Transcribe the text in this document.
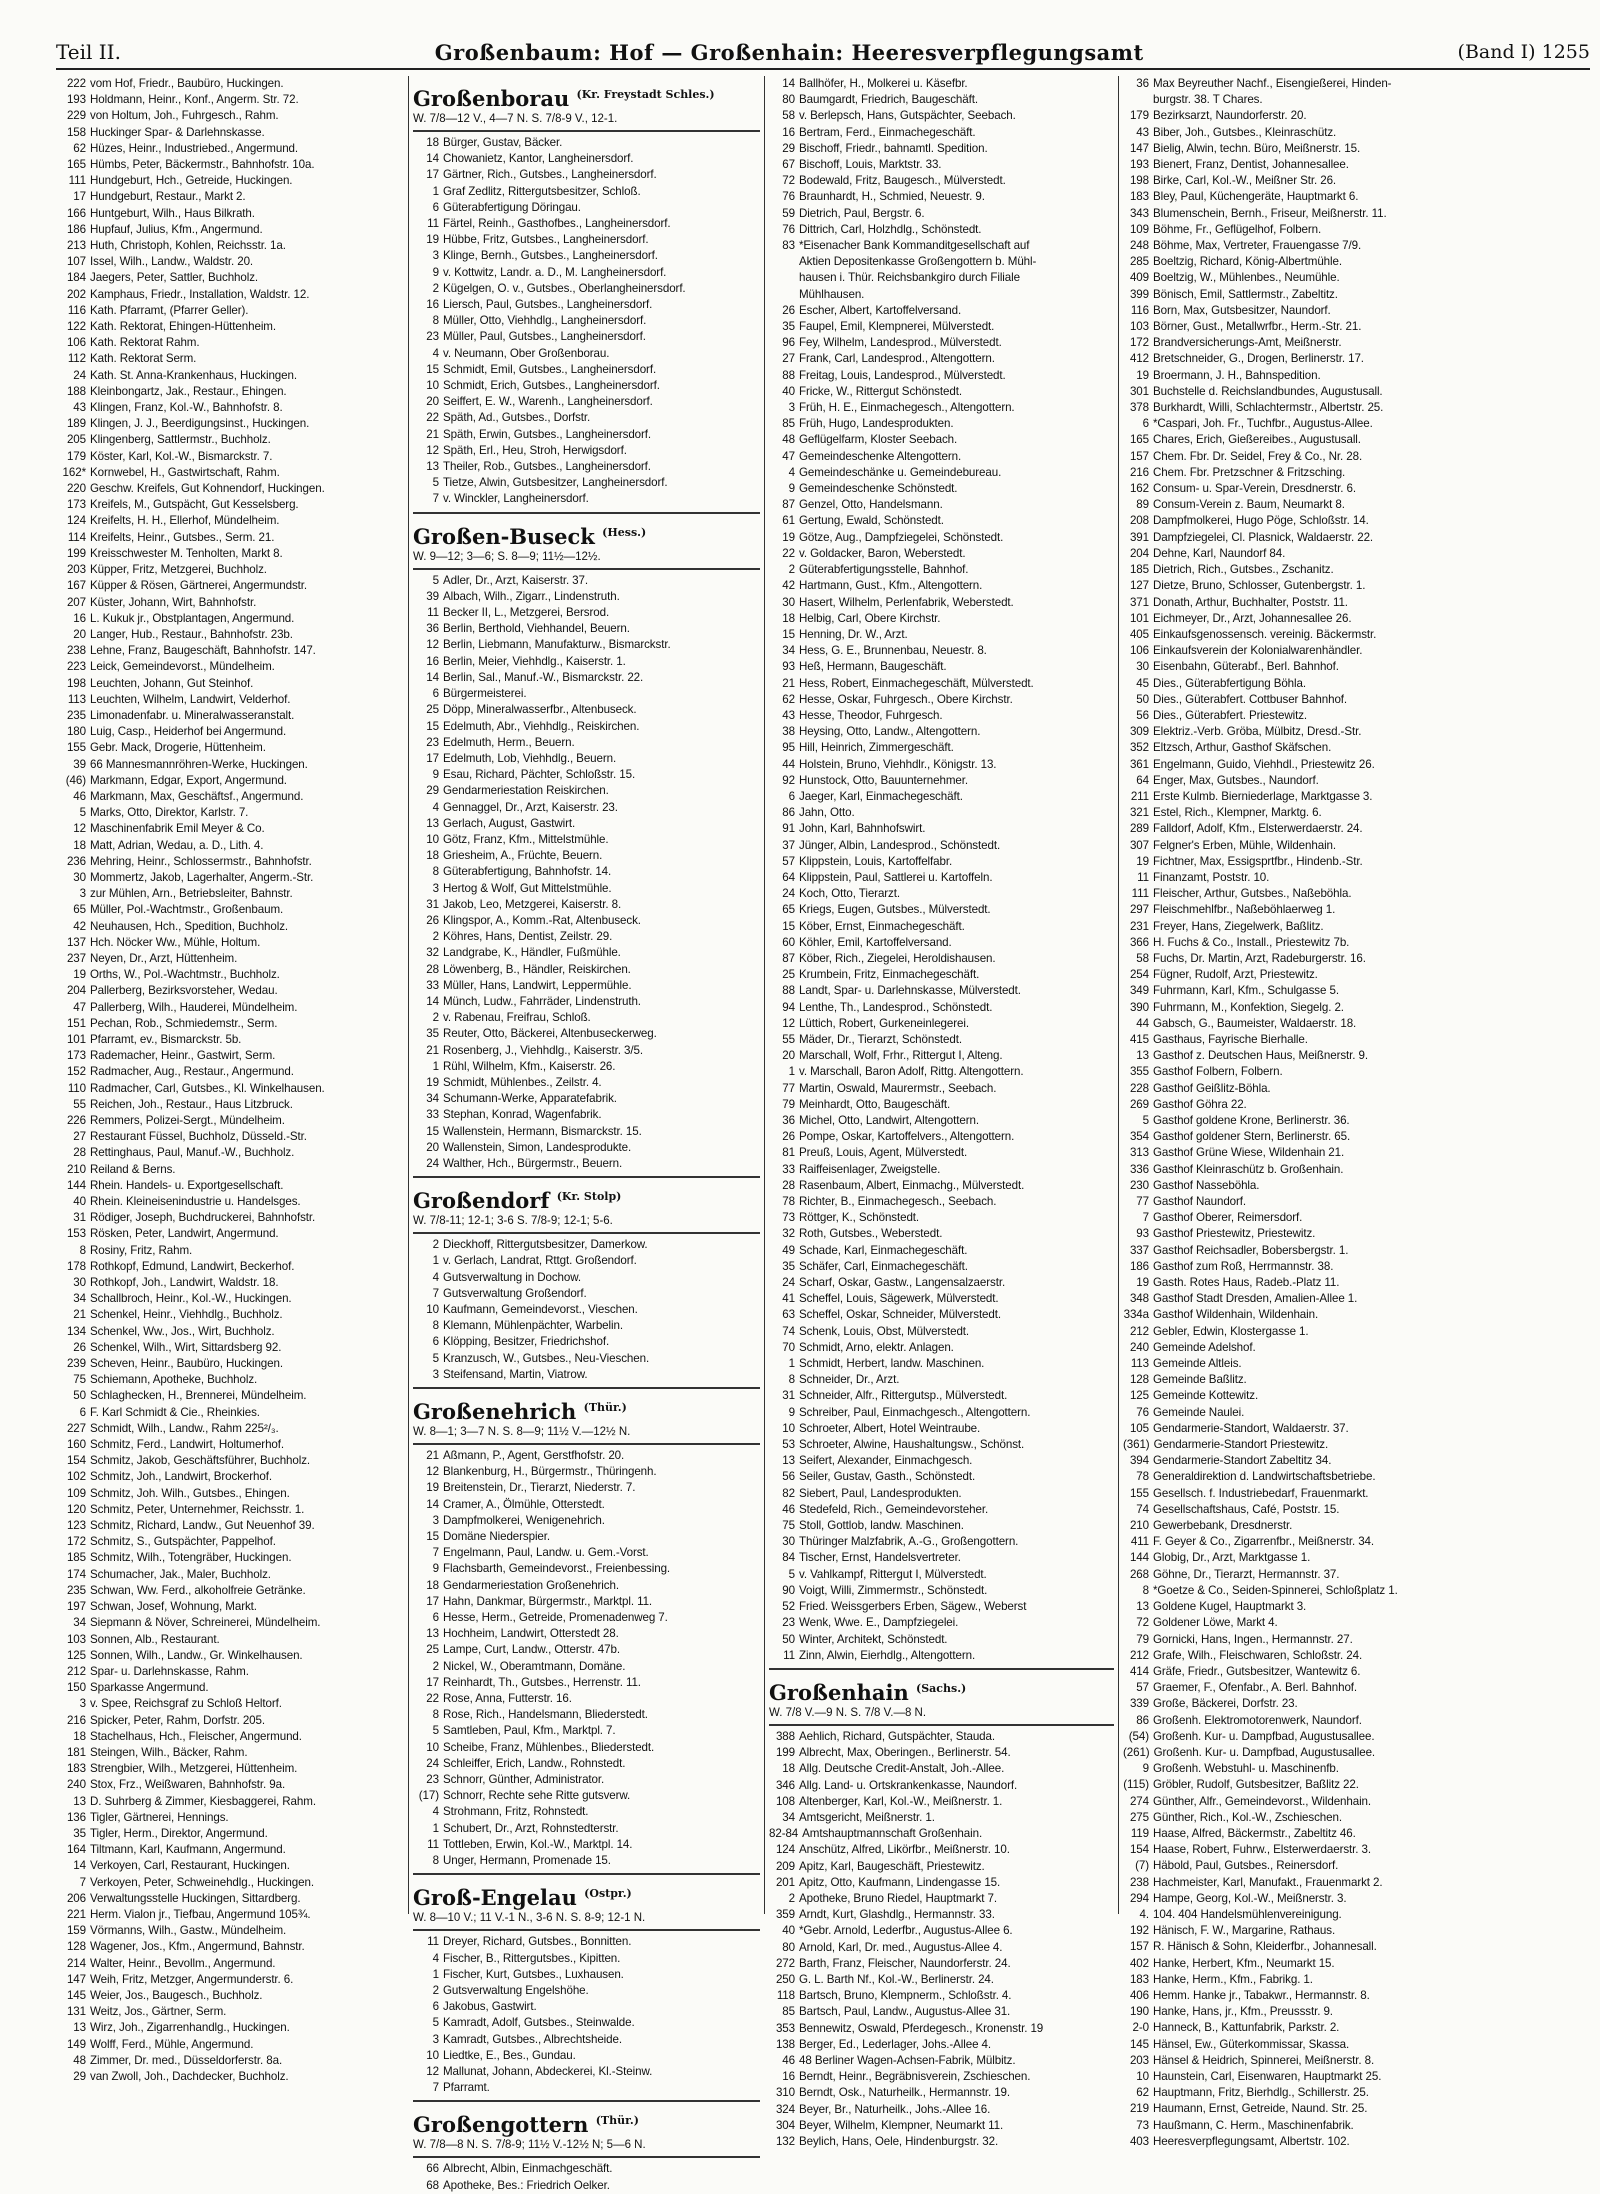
Teil II.	Großenbaum: Hof — Großenhain: Heeresverpflegungsamt	(Band I) 1255
222 vom Hof, Friedr., Baubüro, Huckingen.
193 Holdmann, Heinr., Konf., Angerm. Str. 72.
229 von Holtum, Joh., Fuhrgesch., Rahm.
158 Huckinger Spar- & Darlehnskasse.
62 Hüzes, Heinr., Industriebed., Angermund.
165 Hümbs, Peter, Bäckermstr., Bahnhofstr. 10a.
111 Hundgeburt, Hch., Getreide, Huckingen.
17 Hundgeburt, Restaur., Markt 2.
166 Huntgeburt, Wilh., Haus Bilkrath.
186 Hupfauf, Julius, Kfm., Angermund.
213 Huth, Christoph, Kohlen, Reichsstr. 1a.
107 Issel, Wilh., Landw., Waldstr. 20.
184 Jaegers, Peter, Sattler, Buchholz.
202 Kamphaus, Friedr., Installation, Waldstr. 12.
116 Kath. Pfarramt, (Pfarrer Geller).
122 Kath. Rektorat, Ehingen-Hüttenheim.
106 Kath. Rektorat Rahm.
112 Kath. Rektorat Serm.
24 Kath. St. Anna-Krankenhaus, Huckingen.
188 Kleinbongartz, Jak., Restaur., Ehingen.
43 Klingen, Franz, Kol.-W., Bahnhofstr. 8.
189 Klingen, J. J., Beerdigungsinst., Huckingen.
205 Klingenberg, Sattlermstr., Buchholz.
179 Köster, Karl, Kol.-W., Bismarckstr. 7.
162* Kornwebel, H., Gastwirtschaft, Rahm.
220 Geschw. Kreifels, Gut Kohnendorf, Huckingen.
173 Kreifels, M., Gutspächt, Gut Kesselsberg.
124 Kreifelts, H. H., Ellerhof, Mündelheim.
114 Kreifelts, Heinr., Gutsbes., Serm. 21.
199 Kreisschwester M. Tenholten, Markt 8.
203 Küpper, Fritz, Metzgerei, Buchholz.
167 Küpper & Rösen, Gärtnerei, Angermundstr.
207 Küster, Johann, Wirt, Bahnhofstr.
16 L. Kukuk jr., Obstplantagen, Angermund.
20 Langer, Hub., Restaur., Bahnhofstr. 23b.
238 Lehne, Franz, Baugeschäft, Bahnhofstr. 147.
223 Leick, Gemeindevorst., Mündelheim.
198 Leuchten, Johann, Gut Steinhof.
113 Leuchten, Wilhelm, Landwirt, Velderhof.
235 Limonadenfabr. u. Mineralwasseranstalt.
180 Luig, Casp., Heiderhof bei Angermund.
155 Gebr. Mack, Drogerie, Hüttenheim.
39 66 Mannesmannröhren-Werke, Huckingen.
(46) Markmann, Edgar, Export, Angermund.
46 Markmann, Max, Geschäftsf., Angermund.
5 Marks, Otto, Direktor, Karlstr. 7.
12 Maschinenfabrik Emil Meyer & Co.
18 Matt, Adrian, Wedau, a. D., Lith. 4.
236 Mehring, Heinr., Schlossermstr., Bahnhofstr.
30 Mommertz, Jakob, Lagerhalter, Angerm.-Str.
3 zur Mühlen, Arn., Betriebsleiter, Bahnstr.
65 Müller, Pol.-Wachtmstr., Großenbaum.
42 Neuhausen, Hch., Spedition, Buchholz.
137 Hch. Nöcker Ww., Mühle, Holtum.
237 Neyen, Dr., Arzt, Hüttenheim.
19 Orths, W., Pol.-Wachtmstr., Buchholz.
204 Pallerberg, Bezirksvorsteher, Wedau.
47 Pallerberg, Wilh., Hauderei, Mündelheim.
151 Pechan, Rob., Schmiedemstr., Serm.
101 Pfarramt, ev., Bismarckstr. 5b.
173 Rademacher, Heinr., Gastwirt, Serm.
152 Radmacher, Aug., Restaur., Angermund.
110 Radmacher, Carl, Gutsbes., Kl. Winkelhausen.
55 Reichen, Joh., Restaur., Haus Litzbruck.
226 Remmers, Polizei-Sergt., Mündelheim.
27 Restaurant Füssel, Buchholz, Düsseld.-Str.
28 Rettinghaus, Paul, Manuf.-W., Buchholz.
210 Reiland & Berns.
144 Rhein. Handels- u. Exportgesellschaft.
40 Rhein. Kleineisenindustrie u. Handelsges.
31 Rödiger, Joseph, Buchdruckerei, Bahnhofstr.
153 Rösken, Peter, Landwirt, Angermund.
8 Rosiny, Fritz, Rahm.
178 Rothkopf, Edmund, Landwirt, Beckerhof.
30 Rothkopf, Joh., Landwirt, Waldstr. 18.
34 Schallbroch, Heinr., Kol.-W., Huckingen.
21 Schenkel, Heinr., Viehhdlg., Buchholz.
134 Schenkel, Ww., Jos., Wirt, Buchholz.
26 Schenkel, Wilh., Wirt, Sittardsberg 92.
239 Scheven, Heinr., Baubüro, Huckingen.
75 Schiemann, Apotheke, Buchholz.
50 Schlaghecken, H., Brennerei, Mündelheim.
6 F. Karl Schmidt & Cie., Rheinkies.
227 Schmidt, Wilh., Landw., Rahm 225²/₃.
160 Schmitz, Ferd., Landwirt, Holtumerhof.
154 Schmitz, Jakob, Geschäftsführer, Buchholz.
102 Schmitz, Joh., Landwirt, Brockerhof.
109 Schmitz, Joh. Wilh., Gutsbes., Ehingen.
120 Schmitz, Peter, Unternehmer, Reichsstr. 1.
123 Schmitz, Richard, Landw., Gut Neuenhof 39.
172 Schmitz, S., Gutspächter, Pappelhof.
185 Schmitz, Wilh., Totengräber, Huckingen.
174 Schumacher, Jak., Maler, Buchholz.
235 Schwan, Ww. Ferd., alkoholfreie Getränke.
197 Schwan, Josef, Wohnung, Markt.
34 Siepmann & Növer, Schreinerei, Mündelheim.
103 Sonnen, Alb., Restaurant.
125 Sonnen, Wilh., Landw., Gr. Winkelhausen.
212 Spar- u. Darlehnskasse, Rahm.
150 Sparkasse Angermund.
3 v. Spee, Reichsgraf zu Schloß Heltorf.
216 Spicker, Peter, Rahm, Dorfstr. 205.
18 Stachelhaus, Hch., Fleischer, Angermund.
181 Steingen, Wilh., Bäcker, Rahm.
183 Strengbier, Wilh., Metzgerei, Hüttenheim.
240 Stox, Frz., Weißwaren, Bahnhofstr. 9a.
13 D. Suhrberg & Zimmer, Kiesbaggerei, Rahm.
136 Tigler, Gärtnerei, Hennings.
35 Tigler, Herm., Direktor, Angermund.
164 Tiltmann, Karl, Kaufmann, Angermund.
14 Verkoyen, Carl, Restaurant, Huckingen.
7 Verkoyen, Peter, Schweinehdlg., Huckingen.
206 Verwaltungsstelle Huckingen, Sittardberg.
221 Herm. Vialon jr., Tiefbau, Angermund 105¾.
159 Vörmanns, Wilh., Gastw., Mündelheim.
128 Wagener, Jos., Kfm., Angermund, Bahnstr.
214 Walter, Heinr., Bevollm., Angermund.
147 Weih, Fritz, Metzger, Angermunderstr. 6.
145 Weier, Jos., Baugesch., Buchholz.
131 Weitz, Jos., Gärtner, Serm.
13 Wirz, Joh., Zigarrenhandlg., Huckingen.
149 Wolff, Ferd., Mühle, Angermund.
48 Zimmer, Dr. med., Düsseldorferstr. 8a.
29 van Zwoll, Joh., Dachdecker, Buchholz.
Großenborau $^{(Kr. Freystadt Schles.)}$
W. 7/8—12 V., 4—7 N. S. 7/8-9 V., 12-1.
18 Bürger, Gustav, Bäcker.
14 Chowanietz, Kantor, Langheinersdorf.
17 Gärtner, Rich., Gutsbes., Langheinersdorf.
1 Graf Zedlitz, Rittergutsbesitzer, Schloß.
6 Güterabfertigung Döringau.
11 Färtel, Reinh., Gasthofbes., Langheinersdorf.
19 Hübbe, Fritz, Gutsbes., Langheinersdorf.
3 Klinge, Bernh., Gutsbes., Langheinersdorf.
9 v. Kottwitz, Landr. a. D., M. Langheinersdorf.
2 Kügelgen, O. v., Gutsbes., Oberlangheinersdorf.
16 Liersch, Paul, Gutsbes., Langheinersdorf.
8 Müller, Otto, Viehhdlg., Langheinersdorf.
23 Müller, Paul, Gutsbes., Langheinersdorf.
4 v. Neumann, Ober Großenborau.
15 Schmidt, Emil, Gutsbes., Langheinersdorf.
10 Schmidt, Erich, Gutsbes., Langheinersdorf.
20 Seiffert, E. W., Warenh., Langheinersdorf.
22 Späth, Ad., Gutsbes., Dorfstr.
21 Späth, Erwin, Gutsbes., Langheinersdorf.
12 Späth, Erl., Heu, Stroh, Herwigsdorf.
13 Theiler, Rob., Gutsbes., Langheinersdorf.
5 Tietze, Alwin, Gutsbesitzer, Langheinersdorf.
7 v. Winckler, Langheinersdorf.
Großen-Buseck $^{(Hess.)}$
W. 9—12; 3—6; S. 8—9; 11½—12½.
5 Adler, Dr., Arzt, Kaiserstr. 37.
39 Albach, Wilh., Zigarr., Lindenstruth.
11 Becker II, L., Metzgerei, Bersrod.
36 Berlin, Berthold, Viehhandel, Beuern.
12 Berlin, Liebmann, Manufakturw., Bismarckstr.
16 Berlin, Meier, Viehhdlg., Kaiserstr. 1.
14 Berlin, Sal., Manuf.-W., Bismarckstr. 22.
6 Bürgermeisterei.
25 Döpp, Mineralwasserfbr., Altenbuseck.
15 Edelmuth, Abr., Viehhdlg., Reiskirchen.
23 Edelmuth, Herm., Beuern.
17 Edelmuth, Lob, Viehhdlg., Beuern.
9 Esau, Richard, Pächter, Schloßstr. 15.
29 Gendarmeriestation Reiskirchen.
4 Gennaggel, Dr., Arzt, Kaiserstr. 23.
13 Gerlach, August, Gastwirt.
10 Götz, Franz, Kfm., Mittelstmühle.
18 Griesheim, A., Früchte, Beuern.
8 Güterabfertigung, Bahnhofstr. 14.
3 Hertog & Wolf, Gut Mittelstmühle.
31 Jakob, Leo, Metzgerei, Kaiserstr. 8.
26 Klingspor, A., Komm.-Rat, Altenbuseck.
2 Köhres, Hans, Dentist, Zeilstr. 29.
32 Landgrabe, K., Händler, Fußmühle.
28 Löwenberg, B., Händler, Reiskirchen.
33 Müller, Hans, Landwirt, Leppermühle.
14 Münch, Ludw., Fahrräder, Lindenstruth.
2 v. Rabenau, Freifrau, Schloß.
35 Reuter, Otto, Bäckerei, Altenbuseckerweg.
21 Rosenberg, J., Viehhdlg., Kaiserstr. 3/5.
1 Rühl, Wilhelm, Kfm., Kaiserstr. 26.
19 Schmidt, Mühlenbes., Zeilstr. 4.
34 Schumann-Werke, Apparatefabrik.
33 Stephan, Konrad, Wagenfabrik.
15 Wallenstein, Hermann, Bismarckstr. 15.
20 Wallenstein, Simon, Landesprodukte.
24 Walther, Hch., Bürgermstr., Beuern.
Großendorf $^{(Kr. Stolp)}$
W. 7/8-11; 12-1; 3-6 S. 7/8-9; 12-1; 5-6.
2 Dieckhoff, Rittergutsbesitzer, Damerkow.
1 v. Gerlach, Landrat, Rttgt. Großendorf.
4 Gutsverwaltung in Dochow.
7 Gutsverwaltung Großendorf.
10 Kaufmann, Gemeindevorst., Vieschen.
8 Klemann, Mühlenpächter, Warbelin.
6 Klöpping, Besitzer, Friedrichshof.
5 Kranzusch, W., Gutsbes., Neu-Vieschen.
3 Steifensand, Martin, Viatrow.
Großenehrich $^{(Thür.)}$
W. 8—1; 3—7 N. S. 8—9; 11½ V.—12½ N.
21 Aßmann, P., Agent, Gerstfhofstr. 20.
12 Blankenburg, H., Bürgermstr., Thüringenh.
19 Breitenstein, Dr., Tierarzt, Niederstr. 7.
14 Cramer, A., Ölmühle, Otterstedt.
3 Dampfmolkerei, Wenigenehrich.
15 Domäne Niederspier.
7 Engelmann, Paul, Landw. u. Gem.-Vorst.
9 Flachsbarth, Gemeindevorst., Freienbessing.
18 Gendarmeriestation Großenehrich.
17 Hahn, Dankmar, Bürgermstr., Marktpl. 11.
6 Hesse, Herm., Getreide, Promenadenweg 7.
13 Hochheim, Landwirt, Otterstedt 28.
25 Lampe, Curt, Landw., Otterstr. 47b.
2 Nickel, W., Oberamtmann, Domäne.
17 Reinhardt, Th., Gutsbes., Herrenstr. 11.
22 Rose, Anna, Futterstr. 16.
8 Rose, Rich., Handelsmann, Bliederstedt.
5 Samtleben, Paul, Kfm., Marktpl. 7.
10 Scheibe, Franz, Mühlenbes., Bliederstedt.
24 Schleiffer, Erich, Landw., Rohnstedt.
23 Schnorr, Günther, Administrator.
(17) Schnorr, Rechte sehe Ritte gutsverw.
4 Strohmann, Fritz, Rohnstedt.
1 Schubert, Dr., Arzt, Rohnstedterstr.
11 Tottleben, Erwin, Kol.-W., Marktpl. 14.
8 Unger, Hermann, Promenade 15.
Groß-Engelau $^{(Ostpr.)}$
W. 8—10 V.; 11 V.-1 N., 3-6 N. S. 8-9; 12-1 N.
11 Dreyer, Richard, Gutsbes., Bonnitten.
4 Fischer, B., Rittergutsbes., Kipitten.
1 Fischer, Kurt, Gutsbes., Luxhausen.
2 Gutsverwaltung Engelshöhe.
6 Jakobus, Gastwirt.
5 Kamradt, Adolf, Gutsbes., Steinwalde.
3 Kamradt, Gutsbes., Albrechtsheide.
10 Liedtke, E., Bes., Gundau.
12 Mallunat, Johann, Abdeckerei, Kl.-Steinw.
7 Pfarramt.
Großengottern $^{(Thür.)}$
W. 7/8—8 N. S. 7/8-9; 11½ V.-12½ N; 5—6 N.
66 Albrecht, Albin, Einmachgeschäft.
68 Apotheke, Bes.: Friedrich Oelker.
14 Ballhöfer, H., Molkerei u. Käsefbr.
80 Baumgardt, Friedrich, Baugeschäft.
58 v. Berlepsch, Hans, Gutspächter, Seebach.
16 Bertram, Ferd., Einmachegeschäft.
29 Bischoff, Friedr., bahnamtl. Spedition.
67 Bischoff, Louis, Marktstr. 33.
72 Bodewald, Fritz, Baugesch., Mülverstedt.
76 Braunhardt, H., Schmied, Neuestr. 9.
59 Dietrich, Paul, Bergstr. 6.
76 Dittrich, Carl, Holzhdlg., Schönstedt.
83 *Eisenacher Bank Kommanditgesellschaft auf
Aktien Depositenkasse Großengottern b. Mühl-
hausen i. Thür. Reichsbankgiro durch Filiale
Mühlhausen.
26 Escher, Albert, Kartoffelversand.
35 Faupel, Emil, Klempnerei, Mülverstedt.
96 Fey, Wilhelm, Landesprod., Mülverstedt.
27 Frank, Carl, Landesprod., Altengottern.
88 Freitag, Louis, Landesprod., Mülverstedt.
40 Fricke, W., Rittergut Schönstedt.
3 Früh, H. E., Einmachegesch., Altengottern.
85 Früh, Hugo, Landesprodukten.
48 Geflügelfarm, Kloster Seebach.
47 Gemeindeschenke Altengottern.
4 Gemeindeschänke u. Gemeindebureau.
9 Gemeindeschenke Schönstedt.
87 Genzel, Otto, Handelsmann.
61 Gertung, Ewald, Schönstedt.
19 Götze, Aug., Dampfziegelei, Schönstedt.
22 v. Goldacker, Baron, Weberstedt.
2 Güterabfertigungsstelle, Bahnhof.
42 Hartmann, Gust., Kfm., Altengottern.
30 Hasert, Wilhelm, Perlenfabrik, Weberstedt.
18 Helbig, Carl, Obere Kirchstr.
15 Henning, Dr. W., Arzt.
34 Hess, G. E., Brunnenbau, Neuestr. 8.
93 Heß, Hermann, Baugeschäft.
21 Hess, Robert, Einmachegeschäft, Mülverstedt.
62 Hesse, Oskar, Fuhrgesch., Obere Kirchstr.
43 Hesse, Theodor, Fuhrgesch.
38 Heysing, Otto, Landw., Altengottern.
95 Hill, Heinrich, Zimmergeschäft.
44 Holstein, Bruno, Viehhdlr., Königstr. 13.
92 Hunstock, Otto, Bauunternehmer.
6 Jaeger, Karl, Einmachegeschäft.
86 Jahn, Otto.
91 John, Karl, Bahnhofswirt.
37 Jünger, Albin, Landesprod., Schönstedt.
57 Klippstein, Louis, Kartoffelfabr.
64 Klippstein, Paul, Sattlerei u. Kartoffeln.
24 Koch, Otto, Tierarzt.
65 Kriegs, Eugen, Gutsbes., Mülverstedt.
15 Köber, Ernst, Einmachegeschäft.
60 Köhler, Emil, Kartoffelversand.
87 Köber, Rich., Ziegelei, Heroldishausen.
25 Krumbein, Fritz, Einmachegeschäft.
88 Landt, Spar- u. Darlehnskasse, Mülverstedt.
94 Lenthe, Th., Landesprod., Schönstedt.
12 Lüttich, Robert, Gurkeneinlegerei.
55 Mäder, Dr., Tierarzt, Schönstedt.
20 Marschall, Wolf, Frhr., Rittergut I, Alteng.
1 v. Marschall, Baron Adolf, Rittg. Altengottern.
77 Martin, Oswald, Maurermstr., Seebach.
79 Meinhardt, Otto, Baugeschäft.
36 Michel, Otto, Landwirt, Altengottern.
26 Pompe, Oskar, Kartoffelvers., Altengottern.
81 Preuß, Louis, Agent, Mülverstedt.
33 Raiffeisenlager, Zweigstelle.
28 Rasenbaum, Albert, Einmachg., Mülverstedt.
78 Richter, B., Einmachegesch., Seebach.
73 Röttger, K., Schönstedt.
32 Roth, Gutsbes., Weberstedt.
49 Schade, Karl, Einmachegeschäft.
35 Schäfer, Carl, Einmachegeschäft.
24 Scharf, Oskar, Gastw., Langensalzaerstr.
41 Scheffel, Louis, Sägewerk, Mülverstedt.
63 Scheffel, Oskar, Schneider, Mülverstedt.
74 Schenk, Louis, Obst, Mülverstedt.
70 Schmidt, Arno, elektr. Anlagen.
1 Schmidt, Herbert, landw. Maschinen.
8 Schneider, Dr., Arzt.
31 Schneider, Alfr., Rittergutsp., Mülverstedt.
9 Schreiber, Paul, Einmachgesch., Altengottern.
10 Schroeter, Albert, Hotel Weintraube.
53 Schroeter, Alwine, Haushaltungsw., Schönst.
13 Seifert, Alexander, Einmachgesch.
56 Seiler, Gustav, Gasth., Schönstedt.
82 Siebert, Paul, Landesprodukten.
46 Stedefeld, Rich., Gemeindevorsteher.
75 Stoll, Gottlob, landw. Maschinen.
30 Thüringer Malzfabrik, A.-G., Großengottern.
84 Tischer, Ernst, Handelsvertreter.
5 v. Vahlkampf, Rittergut I, Mülverstedt.
90 Voigt, Willi, Zimmermstr., Schönstedt.
52 Fried. Weissgerbers Erben, Sägew., Weberst
23 Wenk, Wwe. E., Dampfziegelei.
50 Winter, Architekt, Schönstedt.
11 Zinn, Alwin, Eierhdlg., Altengottern.
Großenhain $^{(Sachs.)}$
W. 7/8 V.—9 N. S. 7/8 V.—8 N.
388 Aehlich, Richard, Gutspächter, Stauda.
199 Albrecht, Max, Oberingen., Berlinerstr. 54.
18 Allg. Deutsche Credit-Anstalt, Joh.-Allee.
346 Allg. Land- u. Ortskrankenkasse, Naundorf.
108 Altenberger, Karl, Kol.-W., Meißnerstr. 1.
34 Amtsgericht, Meißnerstr. 1.
82-84 Amtshauptmannschaft Großenhain.
124 Anschütz, Alfred, Likörfbr., Meißnerstr. 10.
209 Apitz, Karl, Baugeschäft, Priestewitz.
201 Apitz, Otto, Kaufmann, Lindengasse 15.
2 Apotheke, Bruno Riedel, Hauptmarkt 7.
359 Arndt, Kurt, Glashdlg., Hermannstr. 33.
40 *Gebr. Arnold, Lederfbr., Augustus-Allee 6.
80 Arnold, Karl, Dr. med., Augustus-Allee 4.
272 Barth, Franz, Fleischer, Naundorferstr. 24.
250 G. L. Barth Nf., Kol.-W., Berlinerstr. 24.
118 Bartsch, Bruno, Klempnerm., Schloßstr. 4.
85 Bartsch, Paul, Landw., Augustus-Allee 31.
353 Bennewitz, Oswald, Pferdegesch., Kronenstr. 19
138 Berger, Ed., Lederlager, Johs.-Allee 4.
46 48 Berliner Wagen-Achsen-Fabrik, Mülbitz.
16 Berndt, Heinr., Begräbnisverein, Zschieschen.
310 Berndt, Osk., Naturheilk., Hermannstr. 19.
324 Beyer, Br., Naturheilk., Johs.-Allee 16.
304 Beyer, Wilhelm, Klempner, Neumarkt 11.
132 Beylich, Hans, Oele, Hindenburgstr. 32.
36 Max Beyreuther Nachf., Eisengießerei, Hinden-
burgstr. 38. T Chares.
179 Bezirksarzt, Naundorferstr. 20.
43 Biber, Joh., Gutsbes., Kleinraschütz.
147 Bielig, Alwin, techn. Büro, Meißnerstr. 15.
193 Bienert, Franz, Dentist, Johannesallee.
198 Birke, Carl, Kol.-W., Meißner Str. 26.
183 Bley, Paul, Küchengeräte, Hauptmarkt 6.
343 Blumenschein, Bernh., Friseur, Meißnerstr. 11.
109 Böhme, Fr., Geflügelhof, Folbern.
248 Böhme, Max, Vertreter, Frauengasse 7/9.
285 Boeltzig, Richard, König-Albertmühle.
409 Boeltzig, W., Mühlenbes., Neumühle.
399 Bönisch, Emil, Sattlermstr., Zabeltitz.
116 Born, Max, Gutsbesitzer, Naundorf.
103 Börner, Gust., Metallwrfbr., Herm.-Str. 21.
172 Brandversicherungs-Amt, Meißnerstr.
412 Bretschneider, G., Drogen, Berlinerstr. 17.
19 Broermann, J. H., Bahnspedition.
301 Buchstelle d. Reichslandbundes, Augustusall.
378 Burkhardt, Willi, Schlachtermstr., Albertstr. 25.
6 *Caspari, Joh. Fr., Tuchfbr., Augustus-Allee.
165 Chares, Erich, Gießereibes., Augustusall.
157 Chem. Fbr. Dr. Seidel, Frey & Co., Nr. 28.
216 Chem. Fbr. Pretzschner & Fritzsching.
162 Consum- u. Spar-Verein, Dresdnerstr. 6.
89 Consum-Verein z. Baum, Neumarkt 8.
208 Dampfmolkerei, Hugo Pöge, Schloßstr. 14.
391 Dampfziegelei, Cl. Plasnick, Waldaerstr. 22.
204 Dehne, Karl, Naundorf 84.
185 Dietrich, Rich., Gutsbes., Zschanitz.
127 Dietze, Bruno, Schlosser, Gutenbergstr. 1.
371 Donath, Arthur, Buchhalter, Poststr. 11.
101 Eichmeyer, Dr., Arzt, Johannesallee 26.
405 Einkaufsgenossensch. vereinig. Bäckermstr.
106 Einkaufsverein der Kolonialwarenhändler.
30 Eisenbahn, Güterabf., Berl. Bahnhof.
45 Dies., Güterabfertigung Böhla.
50 Dies., Güterabfert. Cottbuser Bahnhof.
56 Dies., Güterabfert. Priestewitz.
309 Elektriz.-Verb. Gröba, Mülbitz, Dresd.-Str.
352 Eltzsch, Arthur, Gasthof Skäfschen.
361 Engelmann, Guido, Viehhdl., Priestewitz 26.
64 Enger, Max, Gutsbes., Naundorf.
211 Erste Kulmb. Bierniederlage, Marktgasse 3.
321 Estel, Rich., Klempner, Marktg. 6.
289 Falldorf, Adolf, Kfm., Elsterwerdaerstr. 24.
307 Felgner's Erben, Mühle, Wildenhain.
19 Fichtner, Max, Essigsprtfbr., Hindenb.-Str.
11 Finanzamt, Poststr. 10.
111 Fleischer, Arthur, Gutsbes., Naßeböhla.
297 Fleischmehlfbr., Naßeböhlaerweg 1.
231 Freyer, Hans, Ziegelwerk, Baßlitz.
366 H. Fuchs & Co., Install., Priestewitz 7b.
58 Fuchs, Dr. Martin, Arzt, Radeburgerstr. 16.
254 Fügner, Rudolf, Arzt, Priestewitz.
349 Fuhrmann, Karl, Kfm., Schulgasse 5.
390 Fuhrmann, M., Konfektion, Siegelg. 2.
44 Gabsch, G., Baumeister, Waldaerstr. 18.
415 Gasthaus, Fayrische Bierhalle.
13 Gasthof z. Deutschen Haus, Meißnerstr. 9.
355 Gasthof Folbern, Folbern.
228 Gasthof Geißlitz-Böhla.
269 Gasthof Göhra 22.
5 Gasthof goldene Krone, Berlinerstr. 36.
354 Gasthof goldener Stern, Berlinerstr. 65.
313 Gasthof Grüne Wiese, Wildenhain 21.
336 Gasthof Kleinraschütz b. Großenhain.
230 Gasthof Nasseböhla.
77 Gasthof Naundorf.
7 Gasthof Oberer, Reimersdorf.
93 Gasthof Priestewitz, Priestewitz.
337 Gasthof Reichsadler, Bobersbergstr. 1.
186 Gasthof zum Roß, Herrmannstr. 38.
19 Gasth. Rotes Haus, Radeb.-Platz 11.
348 Gasthof Stadt Dresden, Amalien-Allee 1.
334a Gasthof Wildenhain, Wildenhain.
212 Gebler, Edwin, Klostergasse 1.
240 Gemeinde Adelshof.
113 Gemeinde Altleis.
128 Gemeinde Baßlitz.
125 Gemeinde Kottewitz.
76 Gemeinde Naulei.
105 Gendarmerie-Standort, Waldaerstr. 37.
(361) Gendarmerie-Standort Priestewitz.
394 Gendarmerie-Standort Zabeltitz 34.
78 Generaldirektion d. Landwirtschaftsbetriebe.
155 Gesellsch. f. Industriebedarf, Frauenmarkt.
74 Gesellschaftshaus, Café, Poststr. 15.
210 Gewerbebank, Dresdnerstr.
411 F. Geyer & Co., Zigarrenfbr., Meißnerstr. 34.
144 Globig, Dr., Arzt, Marktgasse 1.
268 Göhne, Dr., Tierarzt, Hermannstr. 37.
8 *Goetze & Co., Seiden-Spinnerei, Schloßplatz 1.
13 Goldene Kugel, Hauptmarkt 3.
72 Goldener Löwe, Markt 4.
79 Gornicki, Hans, Ingen., Hermannstr. 27.
212 Grafe, Wilh., Fleischwaren, Schloßstr. 24.
414 Gräfe, Friedr., Gutsbesitzer, Wantewitz 6.
57 Graemer, F., Ofenfabr., A. Berl. Bahnhof.
339 Große, Bäckerei, Dorfstr. 23.
86 Großenh. Elektromotorenwerk, Naundorf.
(54) Großenh. Kur- u. Dampfbad, Augustusallee.
(261) Großenh. Kur- u. Dampfbad, Augustusallee.
9 Großenh. Webstuhl- u. Maschinenfb.
(115) Gröbler, Rudolf, Gutsbesitzer, Baßlitz 22.
274 Günther, Alfr., Gemeindevorst., Wildenhain.
275 Günther, Rich., Kol.-W., Zschieschen.
119 Haase, Alfred, Bäckermstr., Zabeltitz 46.
154 Haase, Robert, Fuhrw., Elsterwerdaerstr. 3.
(7) Häbold, Paul, Gutsbes., Reinersdorf.
238 Hachmeister, Karl, Manufakt., Frauenmarkt 2.
294 Hampe, Georg, Kol.-W., Meißnerstr. 3.
4. 104. 404 Handelsmühlenvereinigung.
192 Hänisch, F. W., Margarine, Rathaus.
157 R. Hänisch & Sohn, Kleiderfbr., Johannesall.
402 Hanke, Herbert, Kfm., Neumarkt 15.
183 Hanke, Herm., Kfm., Fabrikg. 1.
406 Hemm. Hanke jr., Tabakwr., Hermannstr. 8.
190 Hanke, Hans, jr., Kfm., Preussstr. 9.
2-0 Hanneck, B., Kattunfabrik, Parkstr. 2.
145 Hänsel, Ew., Güterkommissar, Skassa.
203 Hänsel & Heidrich, Spinnerei, Meißnerstr. 8.
10 Haunstein, Carl, Eisenwaren, Hauptmarkt 25.
62 Hauptmann, Fritz, Bierhdlg., Schillerstr. 25.
219 Haumann, Ernst, Getreide, Naund. Str. 25.
73 Haußmann, C. Herm., Maschinenfabrik.
403 Heeresverpflegungsamt, Albertstr. 102.
